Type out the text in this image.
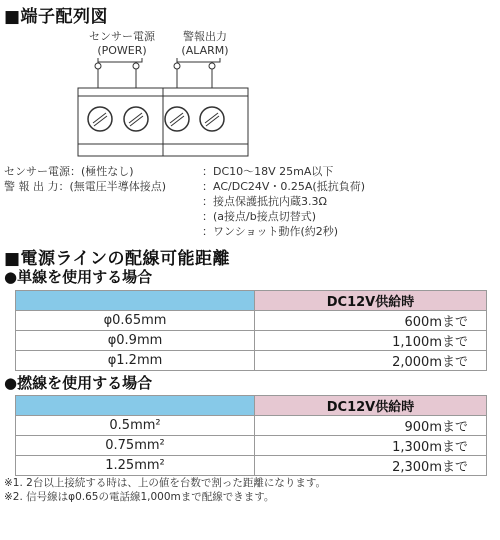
■端子配列図
センサー電源
(POWER)
警報出力
(ALARM)
センサー電源：(極性なし)
警 報 出 力：(無電圧半導体接点)
：DC10～18V 25mA以下
：AC/DC24V・0.25A(抵抗負荷)
：接点保護抵抗内蔵3.3Ω
：(a接点/b接点切替式)
：ワンショット動作(約2秒)
■電源ラインの配線可能距離
●単線を使用する場合
	DC12V供給時
φ0.65mm	600mまで
φ0.9mm	1,100mまで
φ1.2mm	2,000mまで
●撚線を使用する場合
	DC12V供給時
0.5mm²	900mまで
0.75mm²	1,300mまで
1.25mm²	2,300mまで
※1. 2台以上接続する時は、上の値を台数で割った距離になります。
※2. 信号線はφ0.65の電話線1,000mまで配線できます。
